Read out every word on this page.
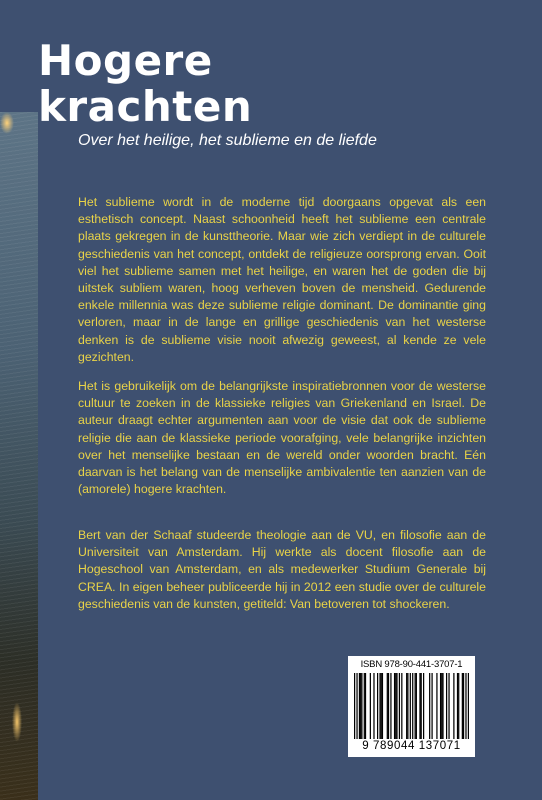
Hogere
krachten
Over het heilige, het sublieme en de liefde
Het sublieme wordt in de moderne tijd doorgaans opgevat als een esthetisch concept. Naast schoonheid heeft het sublieme een centrale plaats gekregen in de kunsttheorie. Maar wie zich verdiept in de culturele geschiedenis van het concept, ontdekt de religieuze oorsprong ervan. Ooit viel het sublieme samen met het heilige, en waren het de goden die bij uitstek subliem waren, hoog verheven boven de mensheid. Gedurende enkele millennia was deze sublieme religie dominant. De dominantie ging verloren, maar in de lange en grillige geschiedenis van het westerse denken is de sublieme visie nooit afwezig geweest, al kende ze vele gezichten.
Het is gebruikelijk om de belangrijkste inspiratiebronnen voor de westerse cultuur te zoeken in de klassieke religies van Griekenland en Israel. De auteur draagt echter argumenten aan voor de visie dat ook de sublieme religie die aan de klassieke periode voorafging, vele belangrijke inzichten over het menselijke bestaan en de wereld onder woorden bracht. Eén daarvan is het belang van de menselijke ambivalentie ten aanzien van de (amorele) hogere krachten.
Bert van der Schaaf studeerde theologie aan de VU, en filosofie aan de Universiteit van Amsterdam. Hij werkte als docent filosofie aan de Hogeschool van Amsterdam, en als medewerker Studium Generale bij CREA. In eigen beheer publiceerde hij in 2012 een studie over de culturele geschiedenis van de kunsten, getiteld: Van betoveren tot shockeren.
ISBN 978-90-441-3707-1
9 789044 137071
